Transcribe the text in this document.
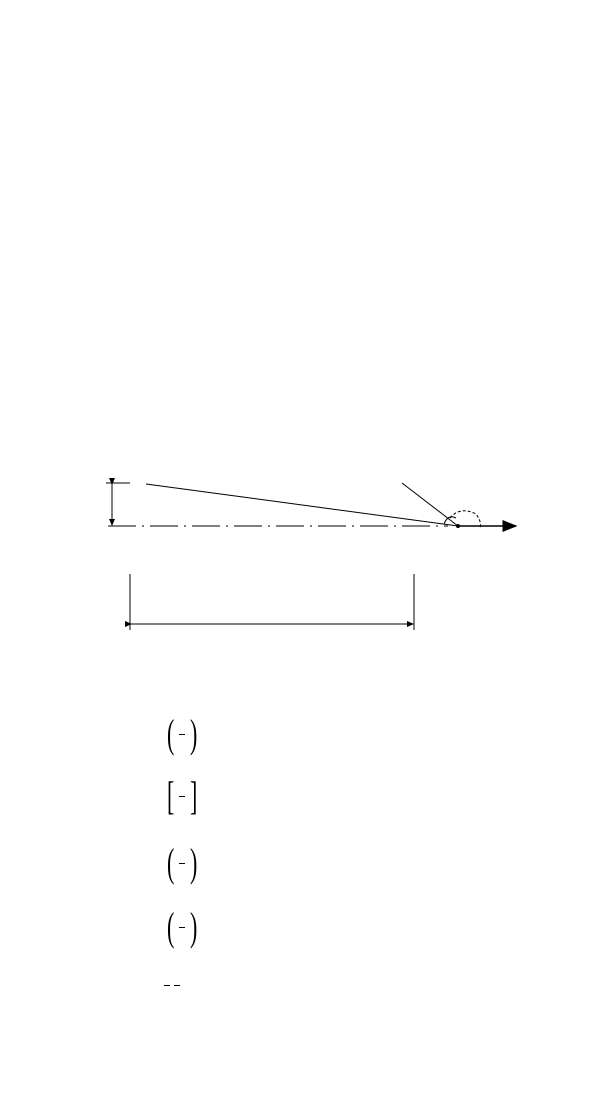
( )
[ ]
( )
( )
